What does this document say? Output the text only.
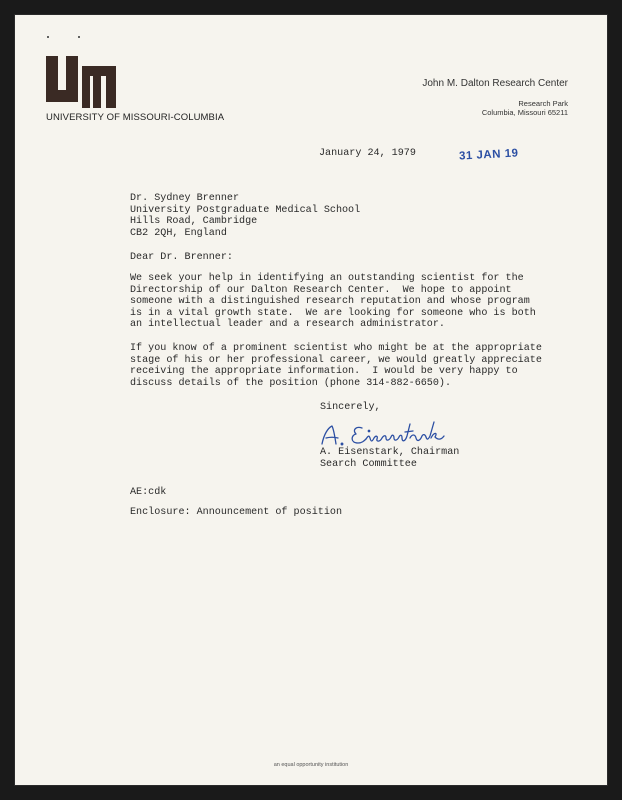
UNIVERSITY OF MISSOURI-COLUMBIA
John M. Dalton Research Center
Research Park
Columbia, Missouri 65211
January 24, 1979	31 JAN 19
Dr. Sydney Brenner
University Postgraduate Medical School
Hills Road, Cambridge
CB2 2QH, England
Dear Dr. Brenner:
We seek your help in identifying an outstanding scientist for the
Directorship of our Dalton Research Center.  We hope to appoint
someone with a distinguished research reputation and whose program
is in a vital growth state.  We are looking for someone who is both
an intellectual leader and a research administrator.
If you know of a prominent scientist who might be at the appropriate
stage of his or her professional career, we would greatly appreciate
receiving the appropriate information.  I would be very happy to
discuss details of the position (phone 314-882-6650).
Sincerely,
A. Eisenstark, Chairman
Search Committee
AE:cdk
Enclosure: Announcement of position
an equal opportunity institution
